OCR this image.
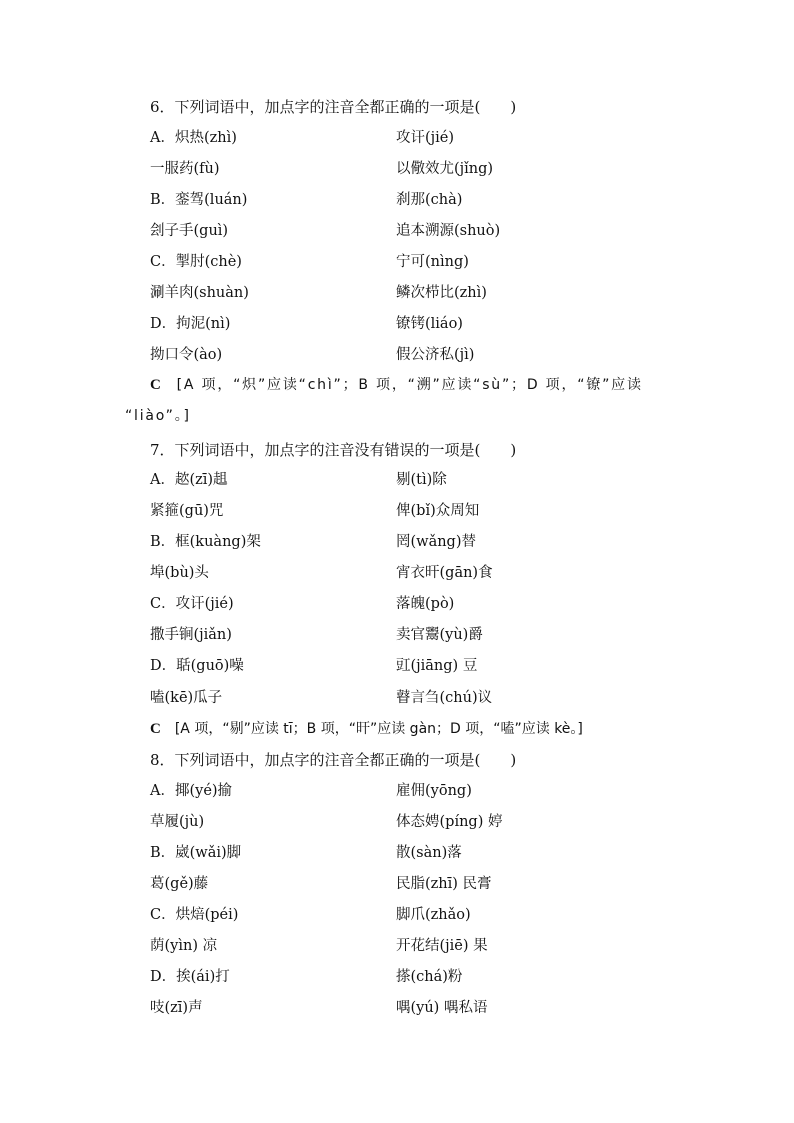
6．下列词语中，加点字的注音全都正确的一项是(　　)
A．炽热(zhì)	攻讦(jié)
一服药(fù)	以儆效尤(jǐng)
B．銮驾(luán)	刹那(chà)
刽子手(guì)	追本溯源(shuò)
C．掣肘(chè)	宁可(nìng)
涮羊肉(shuàn)	鳞次栉比(zhì)
D．拘泥(nì)	镣铐(liáo)
拗口令(ào)	假公济私(jì)
C [A 项，“炽”应读“chì”；B 项，“溯”应读“sù”；D 项，“镣”应读
“liào”。]
7．下列词语中，加点字的注音没有错误的一项是(　　)
A．趑(zī)趄	剔(tì)除
紧箍(gū)咒	俾(bǐ)众周知
B．框(kuàng)架	罔(wǎng)替
埠(bù)头	宵衣旰(gān)食
C．攻讦(jié)	落魄(pò)
撒手锏(jiǎn)	卖官鬻(yù)爵
D．聒(guō)噪	豇(jiāng) 豆
嗑(kē)瓜子	瞽言刍(chú)议
C [A 项，“剔”应读 tī；B 项，“旰”应读 gàn；D 项，“嗑”应读 kè。]
8．下列词语中，加点字的注音全都正确的一项是(　　)
A．揶(yé)揄	雇佣(yōng)
草履(jù)	体态娉(píng) 婷
B．崴(wǎi)脚	散(sàn)落
葛(gě)藤	民脂(zhī) 民膏
C．烘焙(péi)	脚爪(zhǎo)
荫(yìn) 凉	开花结(jiē) 果
D．挨(ái)打	搽(chá)粉
吱(zī)声	喁(yú) 喁私语
